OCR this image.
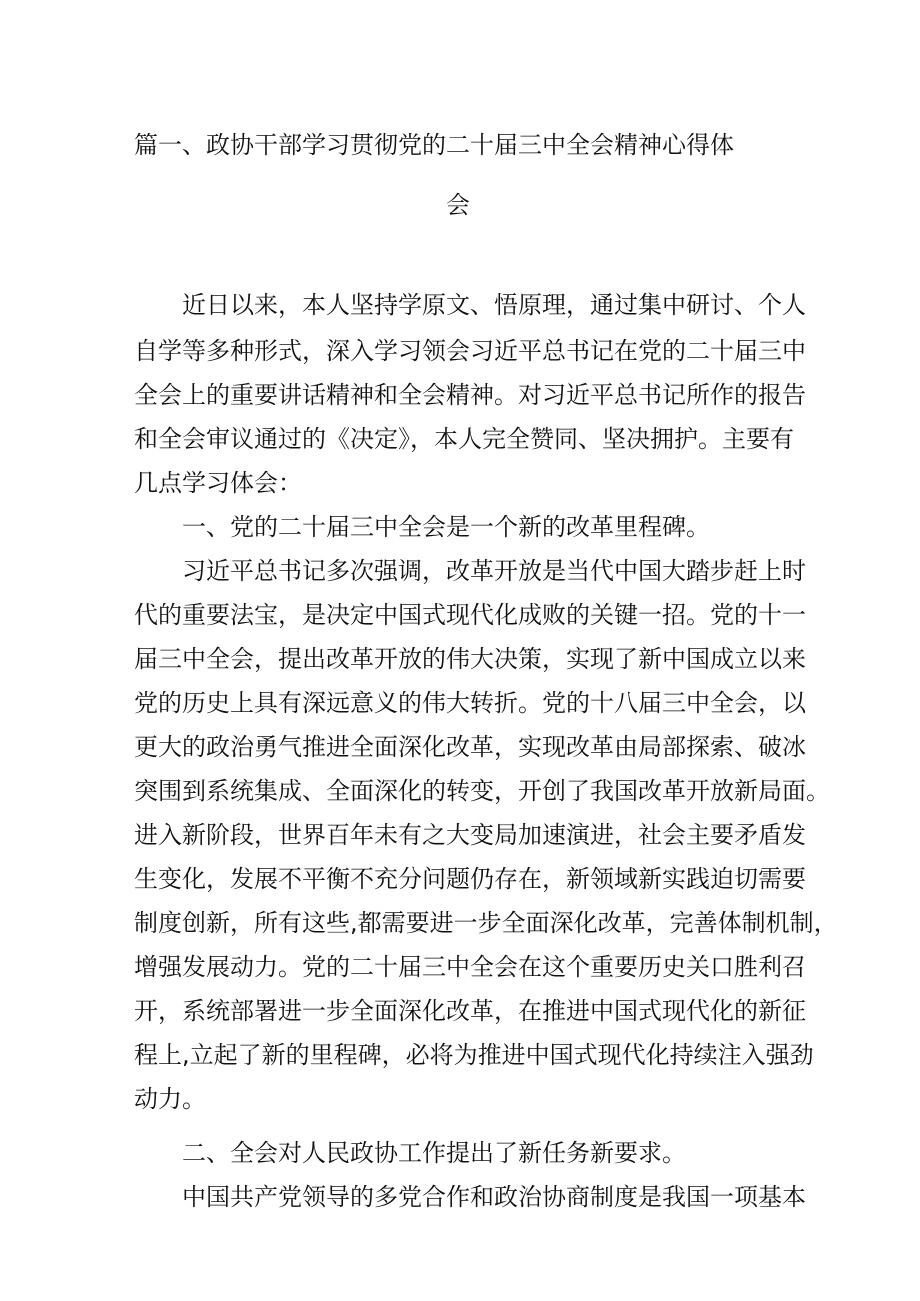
篇一、政协干部学习贯彻党的二十届三中全会精神心得体
会
近日以来，本人坚持学原文、悟原理，通过集中研讨、个人
自学等多种形式，深入学习领会习近平总书记在党的二十届三中
全会上的重要讲话精神和全会精神。对习近平总书记所作的报告
和全会审议通过的《决定》，本人完全赞同、坚决拥护。主要有
几点学习体会：
一、党的二十届三中全会是一个新的改革里程碑。
习近平总书记多次强调，改革开放是当代中国大踏步赶上时
代的重要法宝，是决定中国式现代化成败的关键一招。党的十一
届三中全会，提出改革开放的伟大决策，实现了新中国成立以来
党的历史上具有深远意义的伟大转折。党的十八届三中全会，以
更大的政治勇气推进全面深化改革，实现改革由局部探索、破冰
突围到系统集成、全面深化的转变，开创了我国改革开放新局面。
进入新阶段，世界百年未有之大变局加速演进，社会主要矛盾发
生变化，发展不平衡不充分问题仍存在，新领域新实践迫切需要
制度创新，所有这些,都需要进一步全面深化改革，完善体制机制，
增强发展动力。党的二十届三中全会在这个重要历史关口胜利召
开，系统部署进一步全面深化改革，在推进中国式现代化的新征
程上,立起了新的里程碑，必将为推进中国式现代化持续注入强劲
动力。
二、全会对人民政协工作提出了新任务新要求。
中国共产党领导的多党合作和政治协商制度是我国一项基本
